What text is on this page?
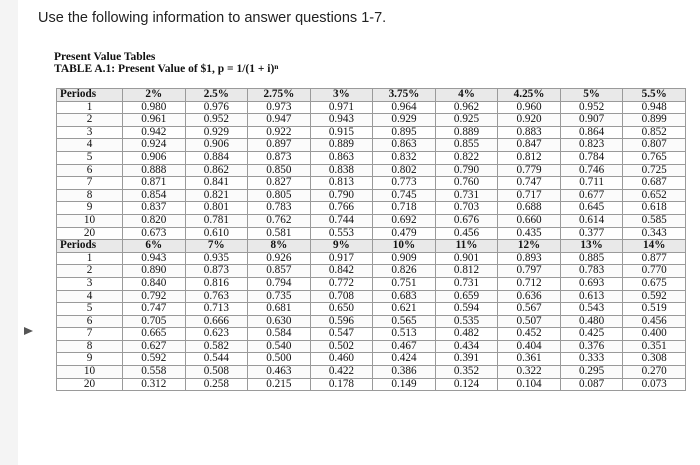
Use the following information to answer questions 1-7.
Present Value Tables
TABLE A.1: Present Value of $1, p = 1/(1 + i)ⁿ
Periods	2%	2.5%	2.75%	3%	3.75%	4%	4.25%	5%	5.5%
1	0.980	0.976	0.973	0.971	0.964	0.962	0.960	0.952	0.948
2	0.961	0.952	0.947	0.943	0.929	0.925	0.920	0.907	0.899
3	0.942	0.929	0.922	0.915	0.895	0.889	0.883	0.864	0.852
4	0.924	0.906	0.897	0.889	0.863	0.855	0.847	0.823	0.807
5	0.906	0.884	0.873	0.863	0.832	0.822	0.812	0.784	0.765
6	0.888	0.862	0.850	0.838	0.802	0.790	0.779	0.746	0.725
7	0.871	0.841	0.827	0.813	0.773	0.760	0.747	0.711	0.687
8	0.854	0.821	0.805	0.790	0.745	0.731	0.717	0.677	0.652
9	0.837	0.801	0.783	0.766	0.718	0.703	0.688	0.645	0.618
10	0.820	0.781	0.762	0.744	0.692	0.676	0.660	0.614	0.585
20	0.673	0.610	0.581	0.553	0.479	0.456	0.435	0.377	0.343
Periods	6%	7%	8%	9%	10%	11%	12%	13%	14%
1	0.943	0.935	0.926	0.917	0.909	0.901	0.893	0.885	0.877
2	0.890	0.873	0.857	0.842	0.826	0.812	0.797	0.783	0.770
3	0.840	0.816	0.794	0.772	0.751	0.731	0.712	0.693	0.675
4	0.792	0.763	0.735	0.708	0.683	0.659	0.636	0.613	0.592
5	0.747	0.713	0.681	0.650	0.621	0.594	0.567	0.543	0.519
6	0.705	0.666	0.630	0.596	0.565	0.535	0.507	0.480	0.456
7	0.665	0.623	0.584	0.547	0.513	0.482	0.452	0.425	0.400
8	0.627	0.582	0.540	0.502	0.467	0.434	0.404	0.376	0.351
9	0.592	0.544	0.500	0.460	0.424	0.391	0.361	0.333	0.308
10	0.558	0.508	0.463	0.422	0.386	0.352	0.322	0.295	0.270
20	0.312	0.258	0.215	0.178	0.149	0.124	0.104	0.087	0.073
